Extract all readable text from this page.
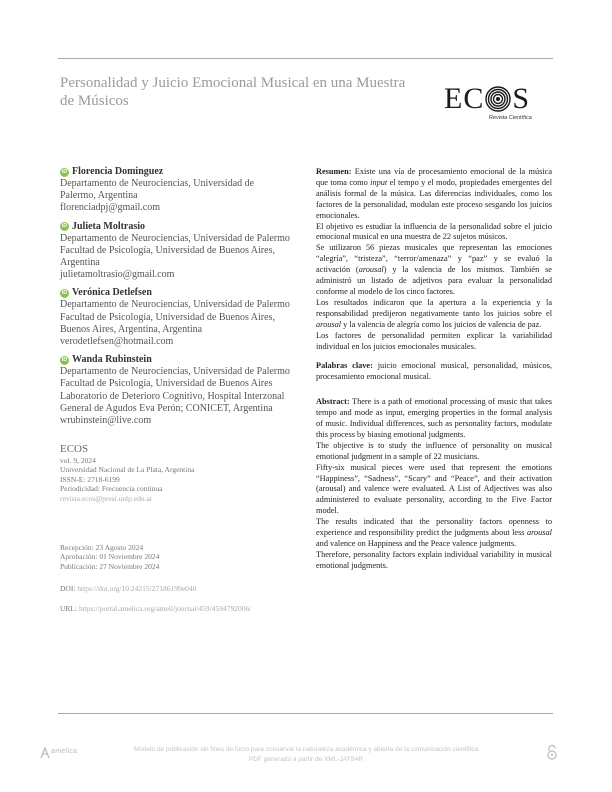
Personalidad y Juicio Emocional Musical en una Muestra de Músicos	E C S
Revista Científica
iD Florencia Dominguez
Departamento de Neurociencias, Universidad de
Palermo, Argentina
florenciadpj@gmail.com
iD Julieta Moltrasio
Departamento de Neurociencias, Universidad de Palermo
Facultad de Psicología, Universidad de Buenos Aires,
Argentina
julietamoltrasio@gmail.com
iD Verónica Detlefsen
Departamento de Neurociencias, Universidad de Palermo
Facultad de Psicología, Universidad de Buenos Aires,
Buenos Aires, Argentina, Argentina
verodetlefsen@hotmail.com
iD Wanda Rubinstein
Departamento de Neurociencias, Universidad de Palermo
Facultad de Psicología, Universidad de Buenos Aires
Laboratorio de Deterioro Cognitivo, Hospital Interzonal
General de Agudos Eva Perón; CONICET, Argentina
wrubinstein@live.com
ECOS
vol. 9, 2024
Universidad Nacional de La Plata, Argentina
ISSN-E: 2718-6199
Periodicidad: Frecuencia continua
revista.ecos@presi.unlp.edu.ar
Recepción: 23 Agosto 2024
Aprobación: 01 Noviembre 2024
Publicación: 27 Noviembre 2024
DOI: https://doi.org/10.24215/27186199e040
URL: https://portal.amelica.org/ameli/journal/459/4594792006/

Resumen: Existe una vía de procesamiento emocional de la música que toma como input el tempo y el modo, propiedades emergentes del análisis formal de la música. Las diferencias individuales, como los factores de la personalidad, modulan este proceso sesgando los juicios emocionales.

El objetivo es estudiar la influencia de la personalidad sobre el juicio emocional musical en una muestra de 22 sujetos músicos.

Se utilizaron 56 piezas musicales que representan las emociones “alegría”, “tristeza”, “terror/amenaza” y “paz” y se evaluó la activación (arousal) y la valencia de los mismos. También se administró un listado de adjetivos para evaluar la personalidad conforme al modelo de los cinco factores.

Los resultados indicaron que la apertura a la experiencia y la responsabilidad predijeron negativamente tanto los juicios sobre el arousal y la valencia de alegría como los juicios de valencia de paz.

Los factores de personalidad permiten explicar la variabilidad individual en los juicios emocionales musicales.

Palabras clave: juicio emocional musical, personalidad, músicos, procesamiento emocional musical.

Abstract: There is a path of emotional processing of music that takes tempo and mode as input, emerging properties in the formal analysis of music. Individual differences, such as personality factors, modulate this process by biasing emotional judgments.

The objective is to study the influence of personality on musical emotional judgment in a sample of 22 musicians.

Fifty-six musical pieces were used that represent the emotions “Happiness”, “Sadness”, “Scary” and “Peace”, and their activation (arousal) and valence were evaluated. A List of Adjectives was also administered to evaluate personality, according to the Five Factor model.

The results indicated that the personality factors openness to experience and responsibility predict the judgments about less arousal and valence on Happiness and the Peace valence judgments.

Therefore, personality factors explain individual variability in musical emotional judgments.

amelica	Modelo de publicación sin fines de lucro para conservar la naturaleza académica y abierta de la comunicación científica
PDF generado a partir de XML-JATS4R
